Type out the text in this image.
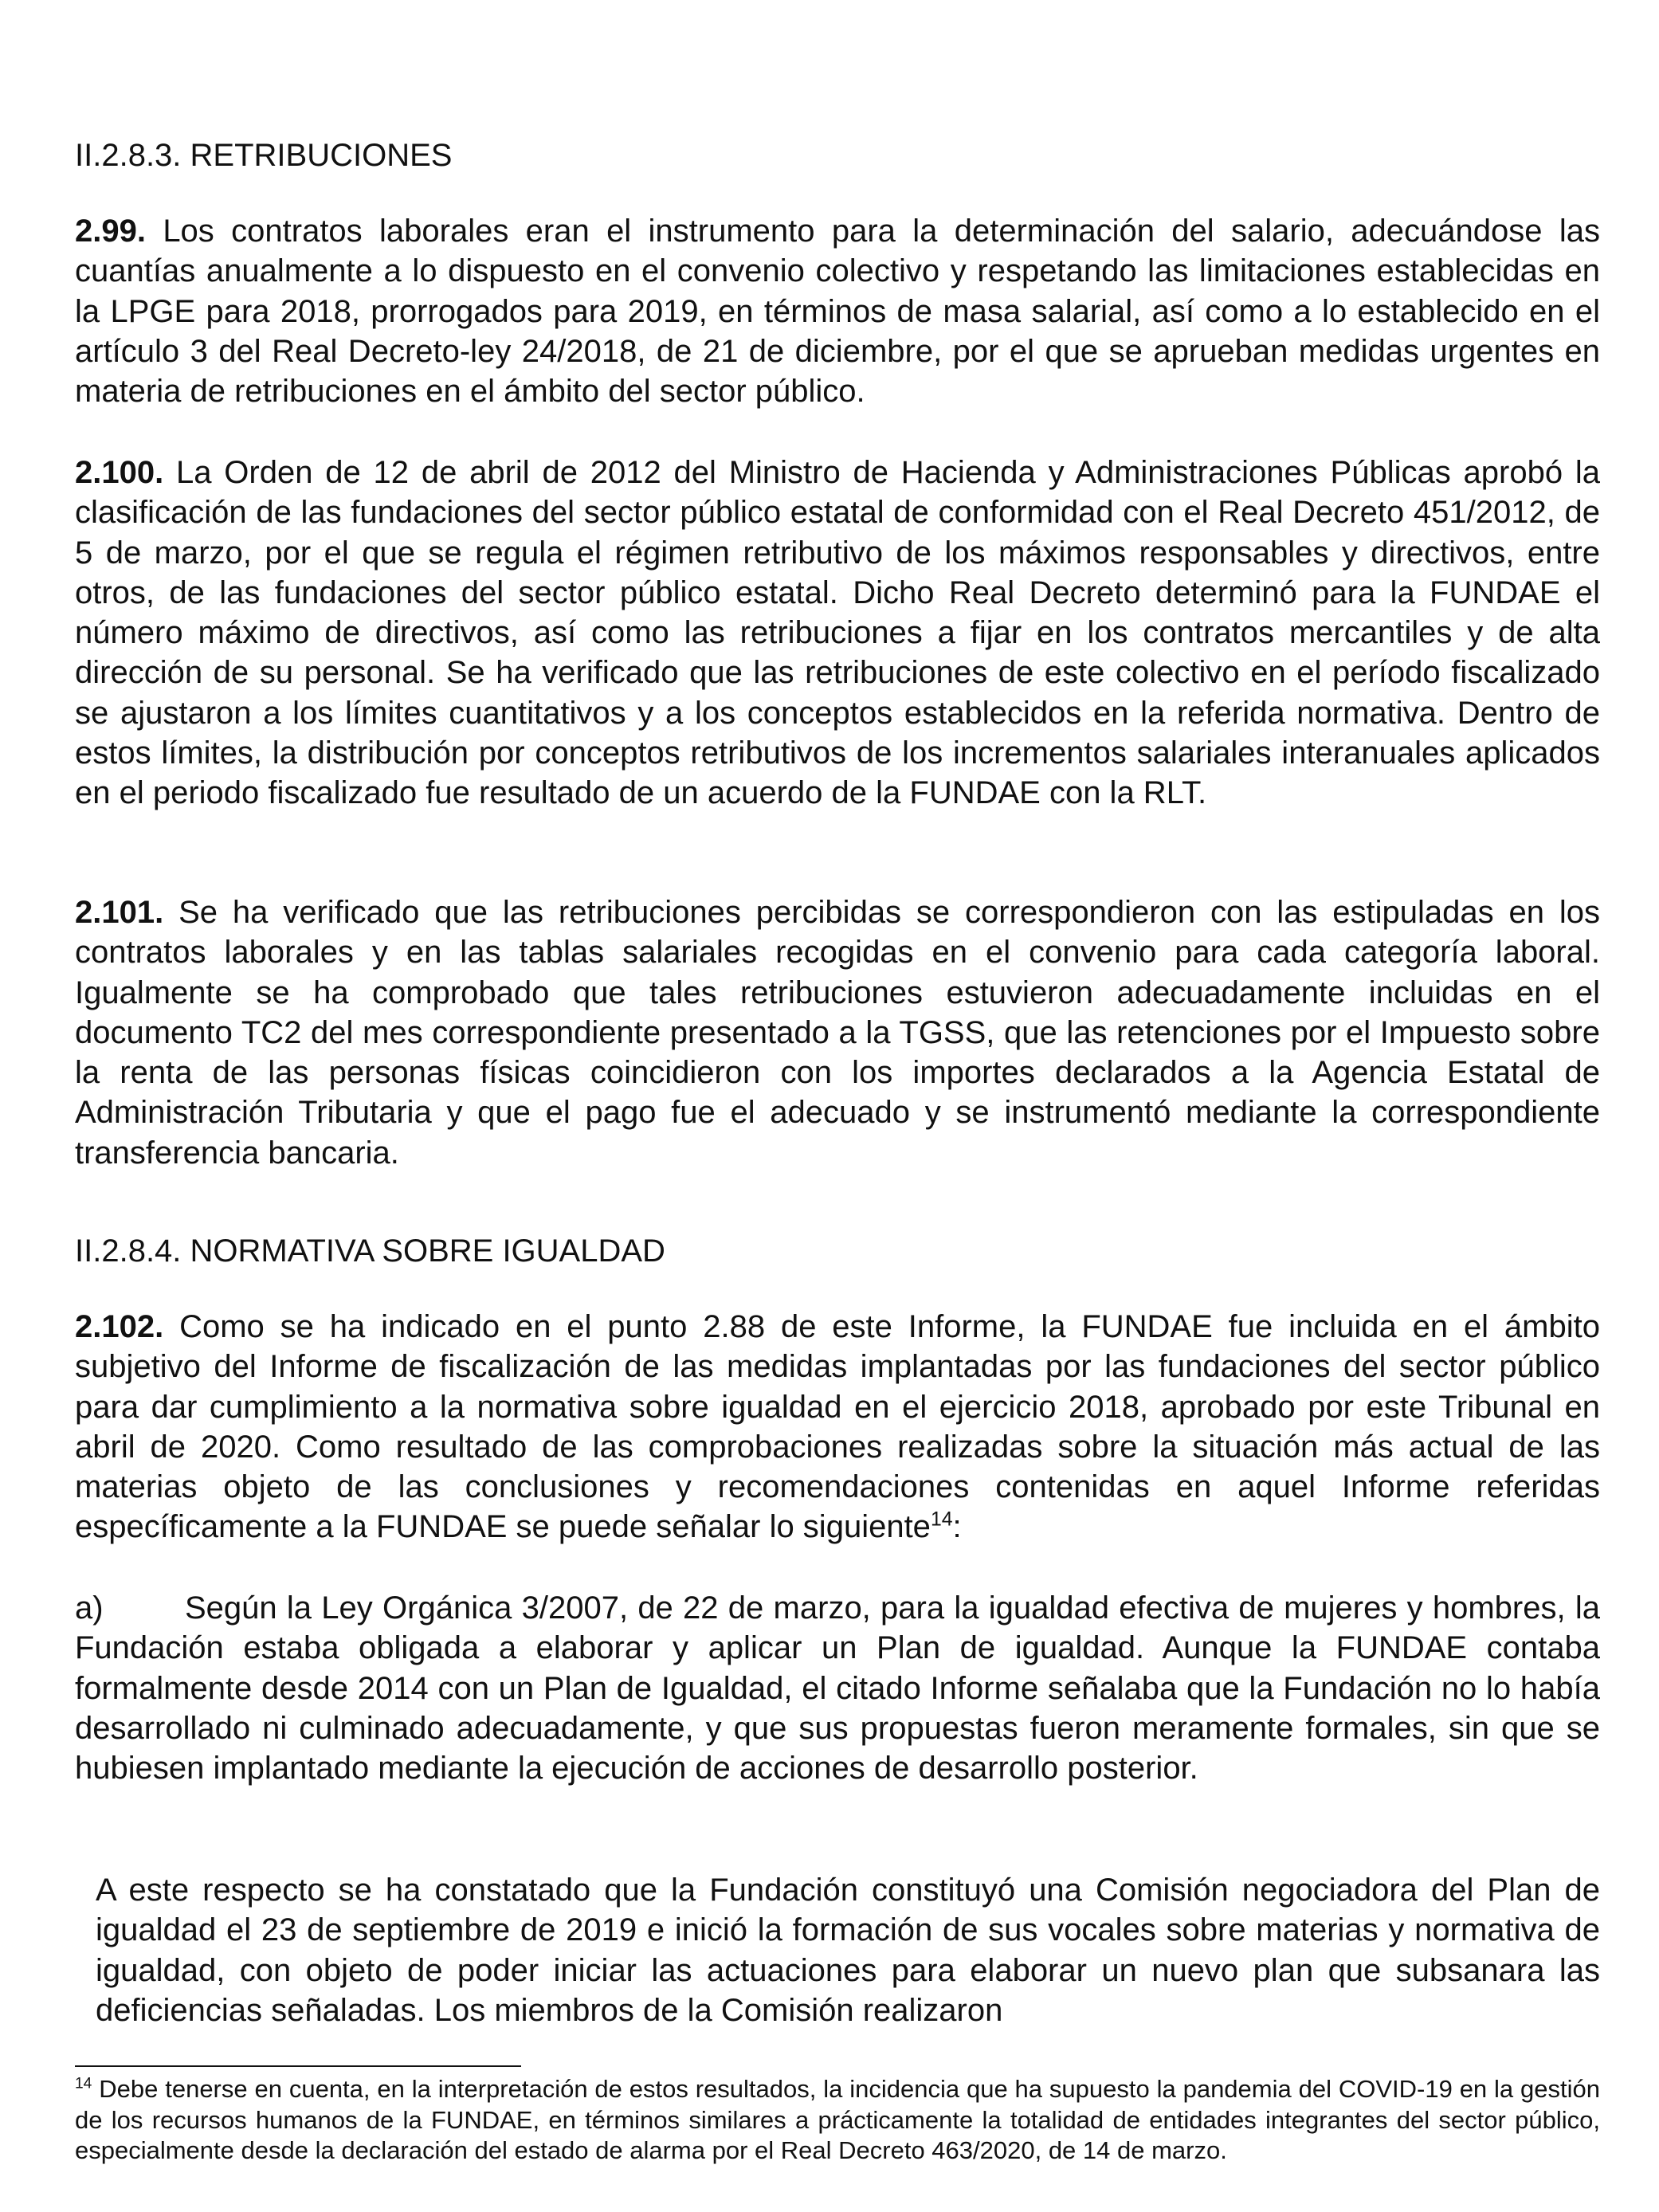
II.2.8.3. RETRIBUCIONES
2.99. Los contratos laborales eran el instrumento para la determinación del salario, adecuándose las cuantías anualmente a lo dispuesto en el convenio colectivo y respetando las limitaciones establecidas en la LPGE para 2018, prorrogados para 2019, en términos de masa salarial, así como a lo establecido en el artículo 3 del Real Decreto-ley 24/2018, de 21 de diciembre, por el que se aprueban medidas urgentes en materia de retribuciones en el ámbito del sector público.
2.100. La Orden de 12 de abril de 2012 del Ministro de Hacienda y Administraciones Públicas aprobó la clasificación de las fundaciones del sector público estatal de conformidad con el Real Decreto 451/2012, de 5 de marzo, por el que se regula el régimen retributivo de los máximos responsables y directivos, entre otros, de las fundaciones del sector público estatal. Dicho Real Decreto determinó para la FUNDAE el número máximo de directivos, así como las retribuciones a fijar en los contratos mercantiles y de alta dirección de su personal. Se ha verificado que las retribuciones de este colectivo en el período fiscalizado se ajustaron a los límites cuantitativos y a los conceptos establecidos en la referida normativa. Dentro de estos límites, la distribución por conceptos retributivos de los incrementos salariales interanuales aplicados en el periodo fiscalizado fue resultado de un acuerdo de la FUNDAE con la RLT.
2.101. Se ha verificado que las retribuciones percibidas se correspondieron con las estipuladas en los contratos laborales y en las tablas salariales recogidas en el convenio para cada categoría laboral. Igualmente se ha comprobado que tales retribuciones estuvieron adecuadamente incluidas en el documento TC2 del mes correspondiente presentado a la TGSS, que las retenciones por el Impuesto sobre la renta de las personas físicas coincidieron con los importes declarados a la Agencia Estatal de Administración Tributaria y que el pago fue el adecuado y se instrumentó mediante la correspondiente transferencia bancaria.
II.2.8.4. NORMATIVA SOBRE IGUALDAD
2.102. Como se ha indicado en el punto 2.88 de este Informe, la FUNDAE fue incluida en el ámbito subjetivo del Informe de fiscalización de las medidas implantadas por las fundaciones del sector público para dar cumplimiento a la normativa sobre igualdad en el ejercicio 2018, aprobado por este Tribunal en abril de 2020. Como resultado de las comprobaciones realizadas sobre la situación más actual de las materias objeto de las conclusiones y recomendaciones contenidas en aquel Informe referidas específicamente a la FUNDAE se puede señalar lo siguiente$^{14}$:
a)	Según la Ley Orgánica 3/2007, de 22 de marzo, para la igualdad efectiva de mujeres y hombres, la Fundación estaba obligada a elaborar y aplicar un Plan de igualdad. Aunque la FUNDAE contaba formalmente desde 2014 con un Plan de Igualdad, el citado Informe señalaba que la Fundación no lo había desarrollado ni culminado adecuadamente, y que sus propuestas fueron meramente formales, sin que se hubiesen implantado mediante la ejecución de acciones de desarrollo posterior.
A este respecto se ha constatado que la Fundación constituyó una Comisión negociadora del Plan de igualdad el 23 de septiembre de 2019 e inició la formación de sus vocales sobre materias y normativa de igualdad, con objeto de poder iniciar las actuaciones para elaborar un nuevo plan que subsanara las deficiencias señaladas. Los miembros de la Comisión realizaron
$^{14}$ Debe tenerse en cuenta, en la interpretación de estos resultados, la incidencia que ha supuesto la pandemia del COVID-19 en la gestión de los recursos humanos de la FUNDAE, en términos similares a prácticamente la totalidad de entidades integrantes del sector público, especialmente desde la declaración del estado de alarma por el Real Decreto 463/2020, de 14 de marzo.
